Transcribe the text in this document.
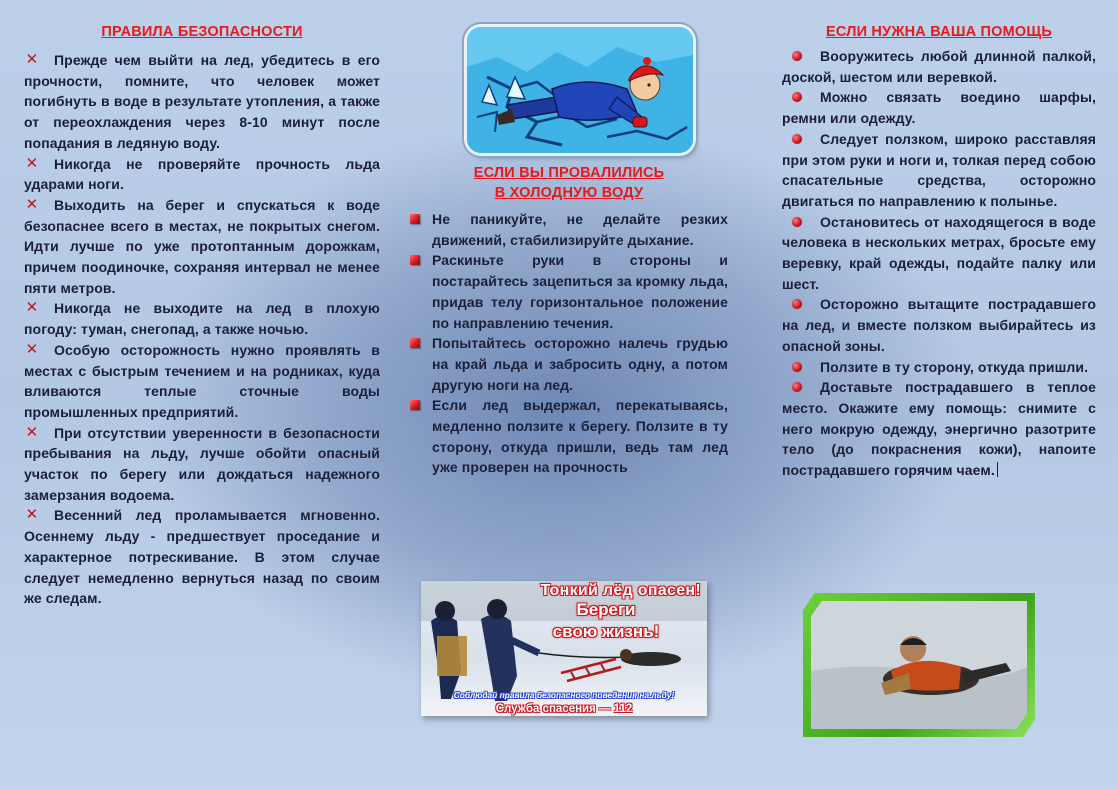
ПРАВИЛА БЕЗОПАСНОСТИ
✕ Прежде чем выйти на лед, убедитесь в его прочности, помните, что человек может погибнуть в воде в результате утопления, а также от переохлаждения через 8-10 минут после попадания в ледяную воду.
✕ Никогда не проверяйте прочность льда ударами ноги.
✕ Выходить на берег и спускаться к воде безопаснее всего в местах, не покрытых снегом. Идти лучше по уже протоптанным дорожкам, причем поодиночке, сохраняя интервал не менее пяти метров.
✕ Никогда не выходите на лед в плохую погоду: туман, снегопад, а также ночью.
✕ Особую осторожность нужно проявлять в местах с быстрым течением и на родниках, куда вливаются теплые сточные воды промышленных предприятий.
✕ При отсутствии уверенности в безопасности пребывания на льду, лучше обойти опасный участок по берегу или дождаться надежного замерзания водоема.
✕ Весенний лед проламывается мгновенно. Осеннему льду - предшествует проседание и характерное потрескивание. В этом случае следует немедленно вернуться назад по своим же следам.
ЕСЛИ ВЫ ПРОВАЛИЛИСЬ
В ХОЛОДНУЮ ВОДУ
Не паникуйте, не делайте резких движений, стабилизируйте дыхание.
Раскиньте руки в стороны и постарайтесь зацепиться за кромку льда, придав телу горизонтальное положение по направлению течения.
Попытайтесь осторожно налечь грудью на край льда и забросить одну, а потом другую ноги на лед.
Если лед выдержал, перекатываясь, медленно ползите к берегу. Ползите в ту сторону, откуда пришли, ведь там лед уже проверен на прочность
Тонкий лёд опасен!
Береги
свою жизнь!
Соблюдай правила безопасного поведения на льду!
Служба спасения — 112
ЕСЛИ НУЖНА ВАША ПОМОЩЬ
Вооружитесь любой длинной палкой, доской, шестом или веревкой.
Можно связать воедино шарфы, ремни или одежду.
Следует ползком, широко расставляя при этом руки и ноги и, толкая перед собою спасательные средства, осторожно двигаться по направлению к полынье.
Остановитесь от находящегося в воде человека в нескольких метрах, бросьте ему веревку, край одежды, подайте палку или шест.
Осторожно вытащите пострадавшего на лед, и вместе ползком выбирайтесь из опасной зоны.
Ползите в ту сторону, откуда пришли.
Доставьте пострадавшего в теплое место. Окажите ему помощь: снимите с него мокрую одежду, энергично разотрите тело (до покраснения кожи), напоите пострадавшего горячим чаем.
